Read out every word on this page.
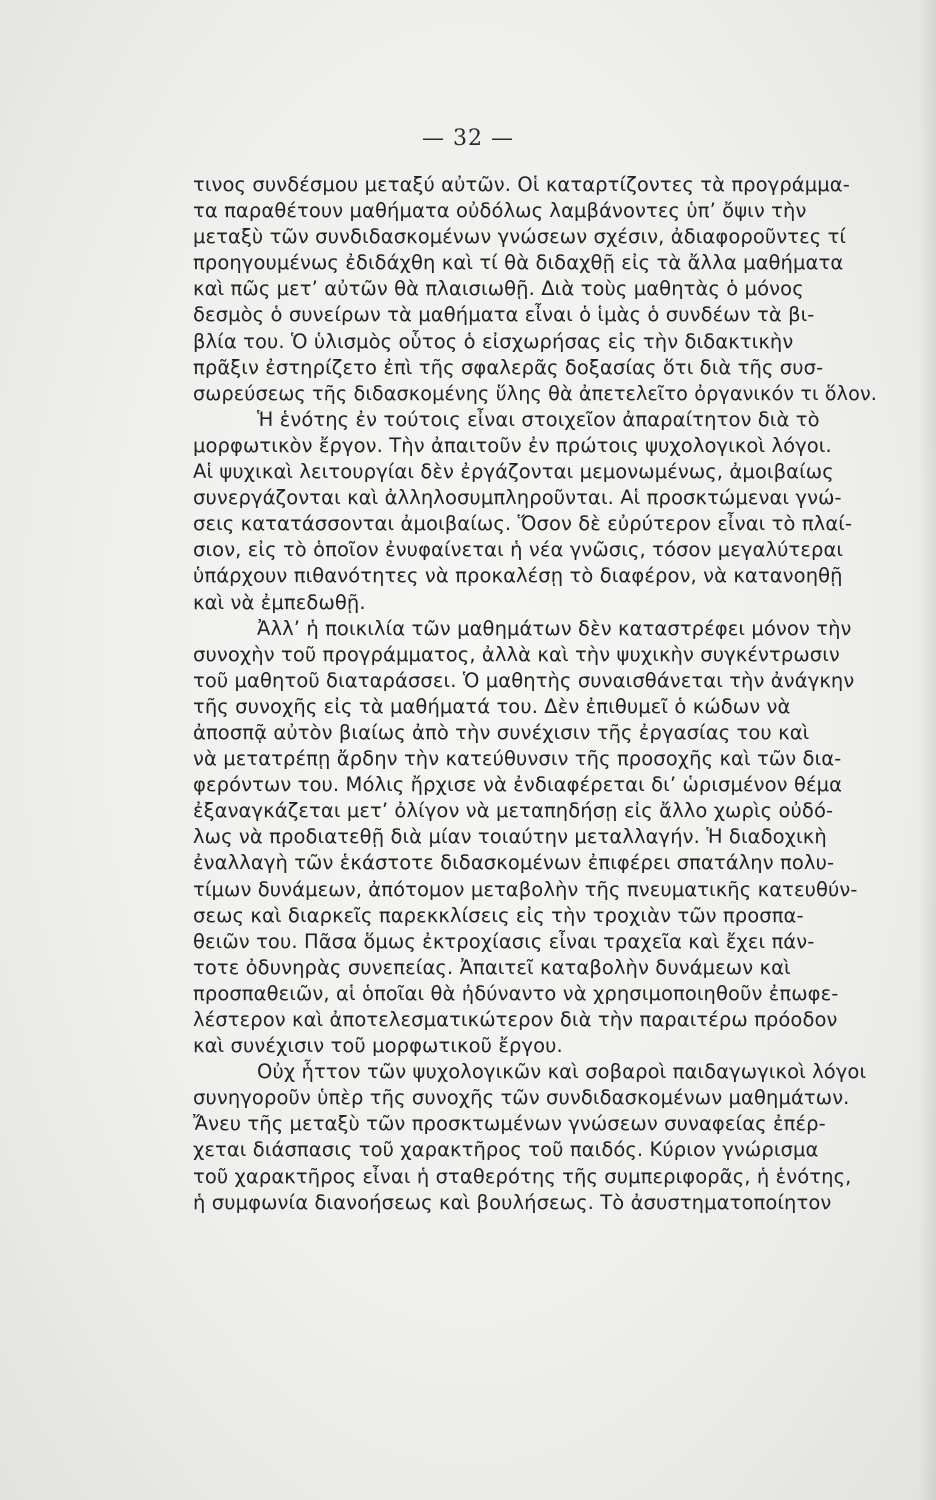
— 32 —
τινος συνδέσμου μεταξύ αὐτῶν. Οἱ καταρτίζοντες τὰ προγράμμα-
τα παραθέτουν μαθήματα οὐδόλως λαμβάνοντες ὑπ’ ὄψιν τὴν
μεταξὺ τῶν συνδιδασκομένων γνώσεων σχέσιν, ἀδιαφοροῦντες τί
προηγουμένως ἐδιδάχθη καὶ τί θὰ διδαχθῇ εἰς τὰ ἄλλα μαθήματα
καὶ πῶς μετ’ αὐτῶν θὰ πλαισιωθῇ. Διὰ τοὺς μαθητὰς ὁ μόνος
δεσμὸς ὁ συνείρων τὰ μαθήματα εἶναι ὁ ἱμὰς ὁ συνδέων τὰ βι-
βλία του. Ὁ ὑλισμὸς οὗτος ὁ εἰσχωρήσας εἰς τὴν διδακτικὴν
πρᾶξιν ἐστηρίζετο ἐπὶ τῆς σφαλερᾶς δοξασίας ὅτι διὰ τῆς συσ-
σωρεύσεως τῆς διδασκομένης ὕλης θὰ ἀπετελεῖτο ὀργανικόν τι ὅλον.
Ἡ ἑνότης ἐν τούτοις εἶναι στοιχεῖον ἀπαραίτητον διὰ τὸ
μορφωτικὸν ἔργον. Τὴν ἀπαιτοῦν ἐν πρώτοις ψυχολογικοὶ λόγοι.
Αἱ ψυχικαὶ λειτουργίαι δὲν ἐργάζονται μεμονωμένως, ἀμοιβαίως
συνεργάζονται καὶ ἀλληλοσυμπληροῦνται. Αἱ προσκτώμεναι γνώ-
σεις κατατάσσονται ἀμοιβαίως. Ὅσον δὲ εὐρύτερον εἶναι τὸ πλαί-
σιον, εἰς τὸ ὁποῖον ἐνυφαίνεται ἡ νέα γνῶσις, τόσον μεγαλύτεραι
ὑπάρχουν πιθανότητες νὰ προκαλέσῃ τὸ διαφέρον, νὰ κατανοηθῇ
καὶ νὰ ἐμπεδωθῇ.
Ἀλλ’ ἡ ποικιλία τῶν μαθημάτων δὲν καταστρέφει μόνον τὴν
συνοχὴν τοῦ προγράμματος, ἀλλὰ καὶ τὴν ψυχικὴν συγκέντρωσιν
τοῦ μαθητοῦ διαταράσσει. Ὁ μαθητὴς συναισθάνεται τὴν ἀνάγκην
τῆς συνοχῆς εἰς τὰ μαθήματά του. Δὲν ἐπιθυμεῖ ὁ κώδων νὰ
ἀποσπᾷ αὐτὸν βιαίως ἀπὸ τὴν συνέχισιν τῆς ἐργασίας του καὶ
νὰ μετατρέπῃ ἄρδην τὴν κατεύθυνσιν τῆς προσοχῆς καὶ τῶν δια-
φερόντων του. Μόλις ἤρχισε νὰ ἐνδιαφέρεται δι’ ὡρισμένον θέμα
ἐξαναγκάζεται μετ’ ὀλίγον νὰ μεταπηδήσῃ εἰς ἄλλο χωρὶς οὐδό-
λως νὰ προδιατεθῇ διὰ μίαν τοιαύτην μεταλλαγήν. Ἡ διαδοχικὴ
ἐναλλαγὴ τῶν ἑκάστοτε διδασκομένων ἐπιφέρει σπατάλην πολυ-
τίμων δυνάμεων, ἀπότομον μεταβολὴν τῆς πνευματικῆς κατευθύν-
σεως καὶ διαρκεῖς παρεκκλίσεις εἰς τὴν τροχιὰν τῶν προσπα-
θειῶν του. Πᾶσα ὅμως ἐκτροχίασις εἶναι τραχεῖα καὶ ἔχει πάν-
τοτε ὀδυνηρὰς συνεπείας. Ἀπαιτεῖ καταβολὴν δυνάμεων καὶ
προσπαθειῶν, αἱ ὁποῖαι θὰ ἠδύναντο νὰ χρησιμοποιηθοῦν ἐπωφε-
λέστερον καὶ ἀποτελεσματικώτερον διὰ τὴν παραιτέρω πρόοδον
καὶ συνέχισιν τοῦ μορφωτικοῦ ἔργου.
Οὐχ ἧττον τῶν ψυχολογικῶν καὶ σοβαροὶ παιδαγωγικοὶ λόγοι
συνηγοροῦν ὑπὲρ τῆς συνοχῆς τῶν συνδιδασκομένων μαθημάτων.
Ἄνευ τῆς μεταξὺ τῶν προσκτωμένων γνώσεων συναφείας ἐπέρ-
χεται διάσπασις τοῦ χαρακτῆρος τοῦ παιδός. Κύριον γνώρισμα
τοῦ χαρακτῆρος εἶναι ἡ σταθερότης τῆς συμπεριφορᾶς, ἡ ἑνότης,
ἡ συμφωνία διανοήσεως καὶ βουλήσεως. Τὸ ἀσυστηματοποίητον
